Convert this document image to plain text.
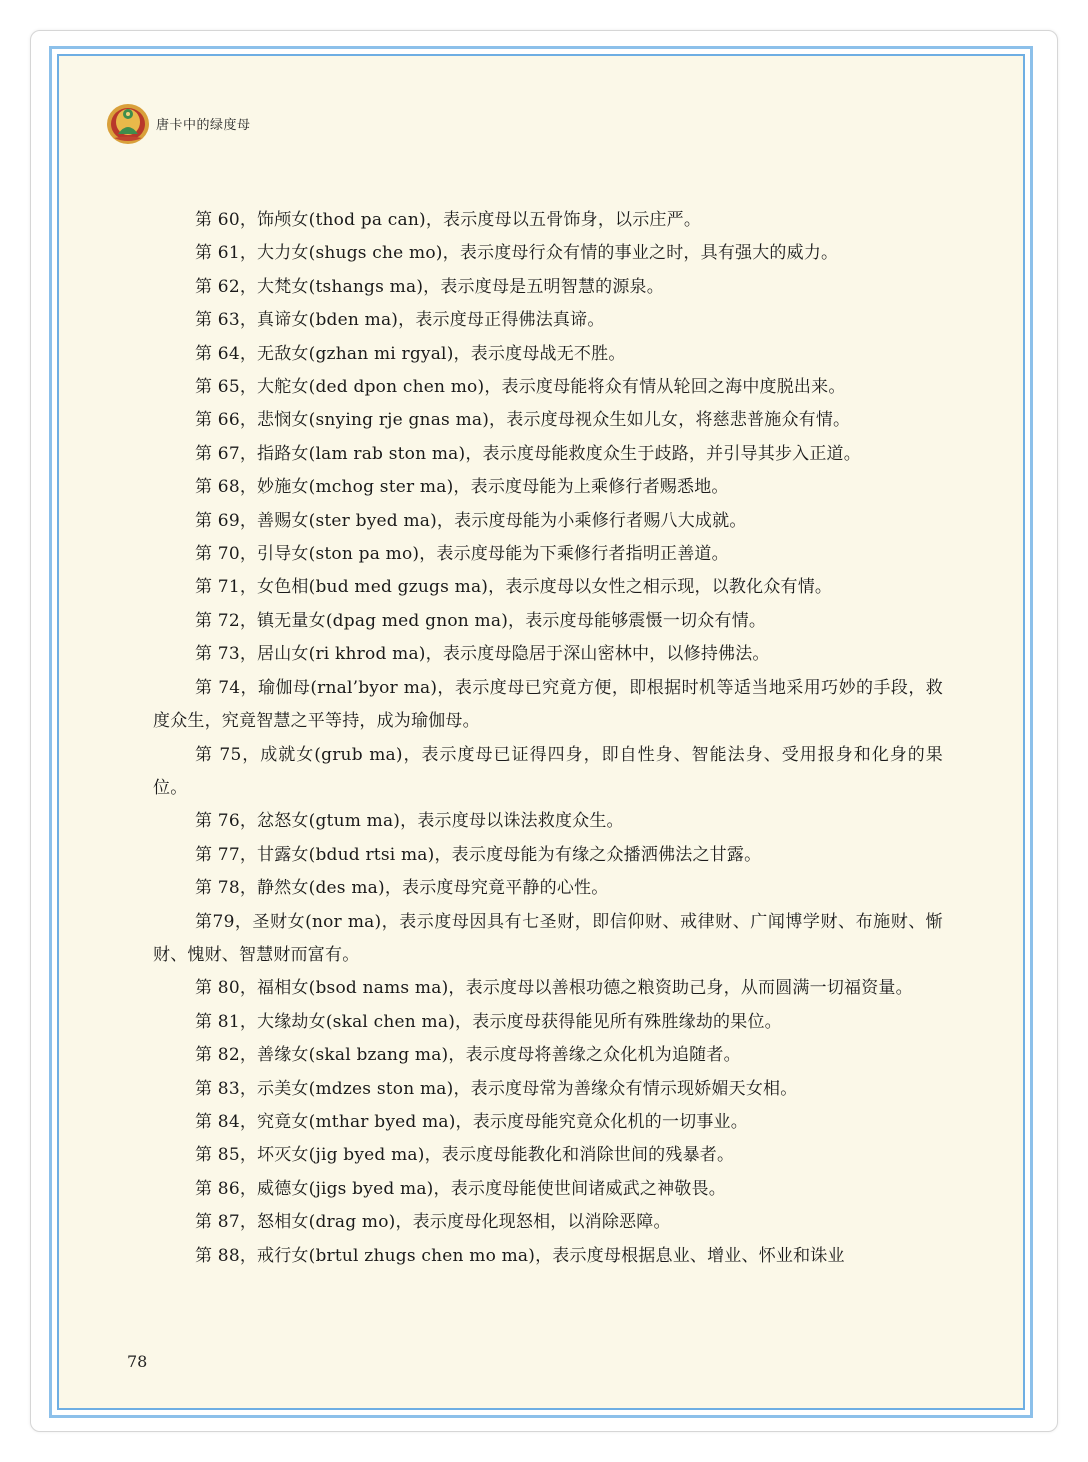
唐卡中的绿度母

第 60，饰颅女(thod pa can)，表示度母以五骨饰身，以示庄严。

第 61，大力女(shugs che mo)，表示度母行众有情的事业之时，具有强大的威力。

第 62，大梵女(tshangs ma)，表示度母是五明智慧的源泉。

第 63，真谛女(bden ma)，表示度母正得佛法真谛。

第 64，无敌女(gzhan mi rgyal)，表示度母战无不胜。

第 65，大舵女(ded dpon chen mo)，表示度母能将众有情从轮回之海中度脱出来。

第 66，悲悯女(snying rje gnas ma)，表示度母视众生如儿女，将慈悲普施众有情。

第 67，指路女(lam rab ston ma)，表示度母能救度众生于歧路，并引导其步入正道。

第 68，妙施女(mchog ster ma)，表示度母能为上乘修行者赐悉地。

第 69，善赐女(ster byed ma)，表示度母能为小乘修行者赐八大成就。

第 70，引导女(ston pa mo)，表示度母能为下乘修行者指明正善道。

第 71，女色相(bud med gzugs ma)，表示度母以女性之相示现，以教化众有情。

第 72，镇无量女(dpag med gnon ma)，表示度母能够震慑一切众有情。

第 73，居山女(ri khrod ma)，表示度母隐居于深山密林中，以修持佛法。

第 74，瑜伽母(rnal’byor ma)，表示度母已究竟方便，即根据时机等适当地采用巧妙的手段，救度众生，究竟智慧之平等持，成为瑜伽母。

第 75，成就女(grub ma)，表示度母已证得四身，即自性身、智能法身、受用报身和化身的果位。

第 76，忿怒女(gtum ma)，表示度母以诛法救度众生。

第 77，甘露女(bdud rtsi ma)，表示度母能为有缘之众播洒佛法之甘露。

第 78，静然女(des ma)，表示度母究竟平静的心性。

第79，圣财女(nor ma)，表示度母因具有七圣财，即信仰财、戒律财、广闻博学财、布施财、惭财、愧财、智慧财而富有。

第 80，福相女(bsod nams ma)，表示度母以善根功德之粮资助己身，从而圆满一切福资量。

第 81，大缘劫女(skal chen ma)，表示度母获得能见所有殊胜缘劫的果位。

第 82，善缘女(skal bzang ma)，表示度母将善缘之众化机为追随者。

第 83，示美女(mdzes ston ma)，表示度母常为善缘众有情示现娇媚天女相。

第 84，究竟女(mthar byed ma)，表示度母能究竟众化机的一切事业。

第 85，坏灭女(jig byed ma)，表示度母能教化和消除世间的残暴者。

第 86，威德女(jigs byed ma)，表示度母能使世间诸威武之神敬畏。

第 87，怒相女(drag mo)，表示度母化现怒相，以消除恶障。

第 88，戒行女(brtul zhugs chen mo ma)，表示度母根据息业、增业、怀业和诛业

78
